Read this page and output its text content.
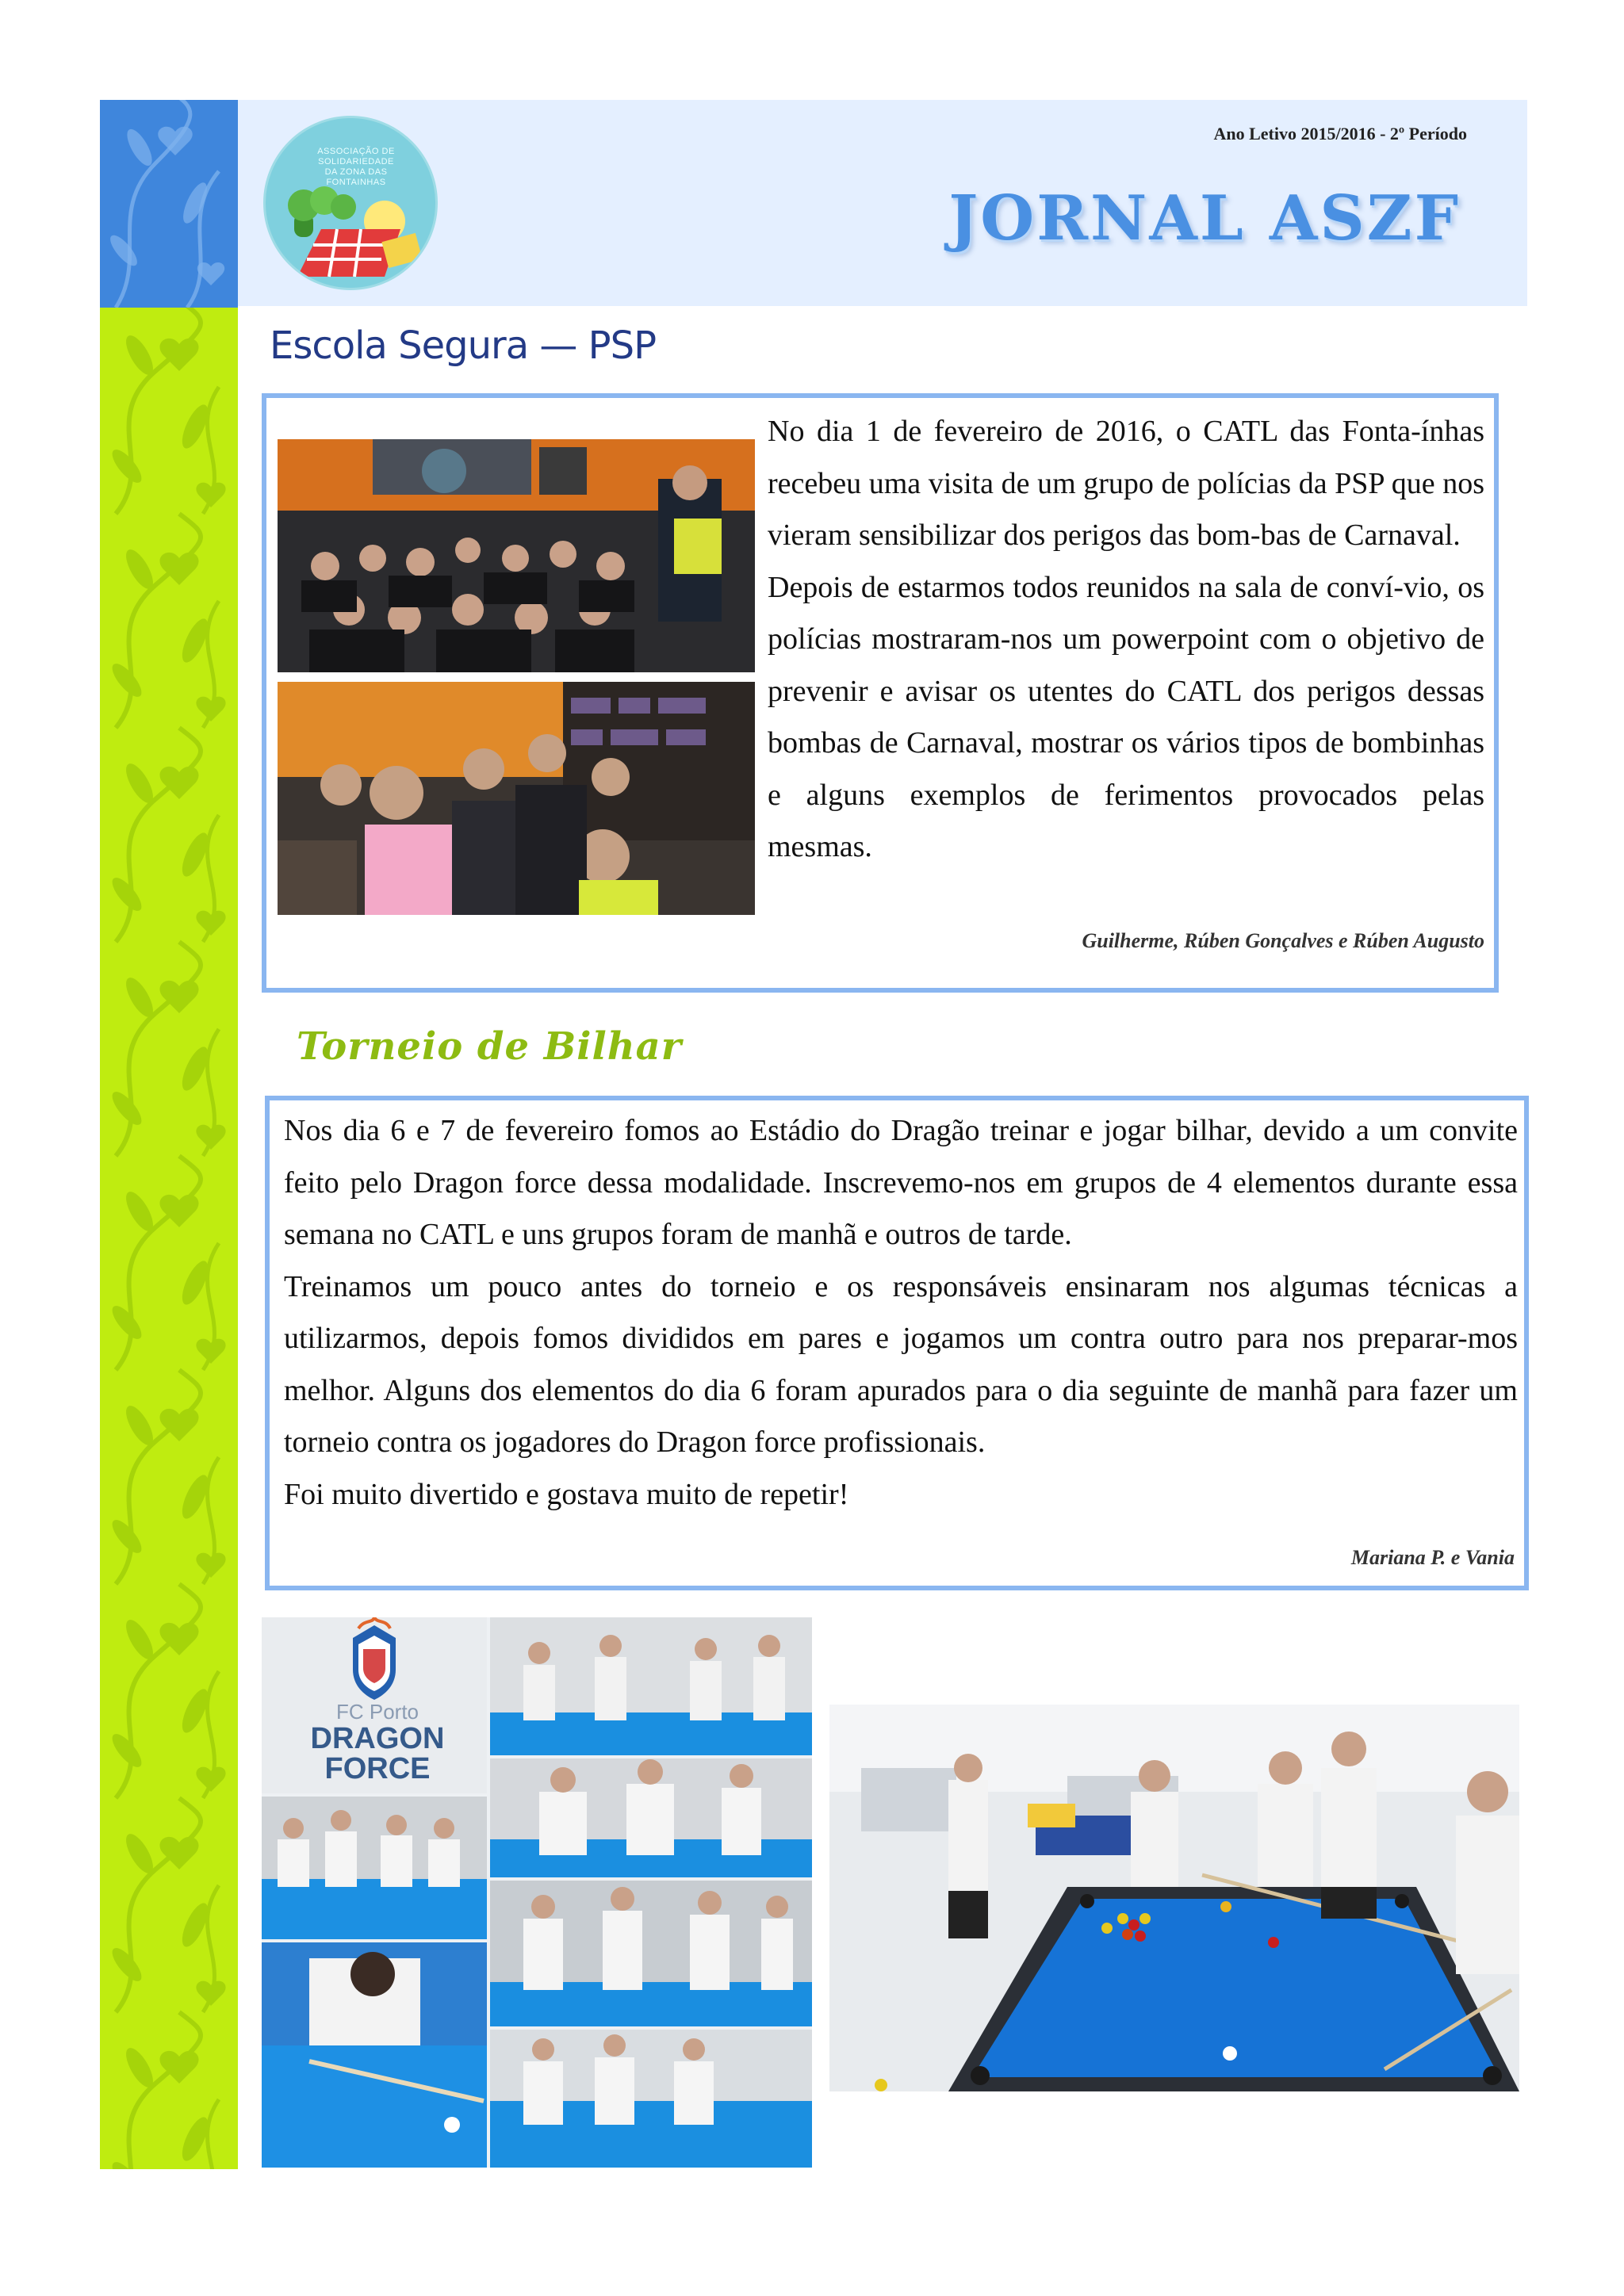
ASSOCIAÇÃO DE SOLIDARIEDADE DA ZONA DAS FONTAINHAS
Ano Letivo 2015/2016 - 2º Período
JORNAL ASZF
Escola Segura — PSP

No dia 1 de fevereiro de 2016, o CATL das Fonta-ínhas recebeu uma visita de um grupo de polícias da PSP que nos vieram sensibilizar dos perigos das bom-bas de Carnaval.

Depois de estarmos todos reunidos na sala de conví-vio, os polícias mostraram-nos um powerpoint com o objetivo de prevenir e avisar os utentes do CATL dos perigos dessas bombas de Carnaval, mostrar os vários tipos de bombinhas e alguns exemplos de ferimentos provocados pelas mesmas.

Guilherme, Rúben Gonçalves e Rúben Augusto
Torneio de Bilhar

Nos dia 6 e 7 de fevereiro fomos ao Estádio do Dragão treinar e jogar bilhar, devido a um convite feito pelo Dragon force dessa modalidade. Inscrevemo-nos em grupos de 4 elementos durante essa semana no CATL e uns grupos foram de manhã e outros de tarde.

Treinamos um pouco antes do torneio e os responsáveis ensinaram nos algumas técnicas a utilizarmos, depois fomos divididos em pares e jogamos um contra outro para nos preparar-mos melhor. Alguns dos elementos do dia 6 foram apurados para o dia seguinte de manhã para fazer um torneio contra os jogadores do Dragon force profissionais.

Foi muito divertido e gostava muito de repetir!

Mariana P. e Vania
FC Porto
DRAGON
FORCE
